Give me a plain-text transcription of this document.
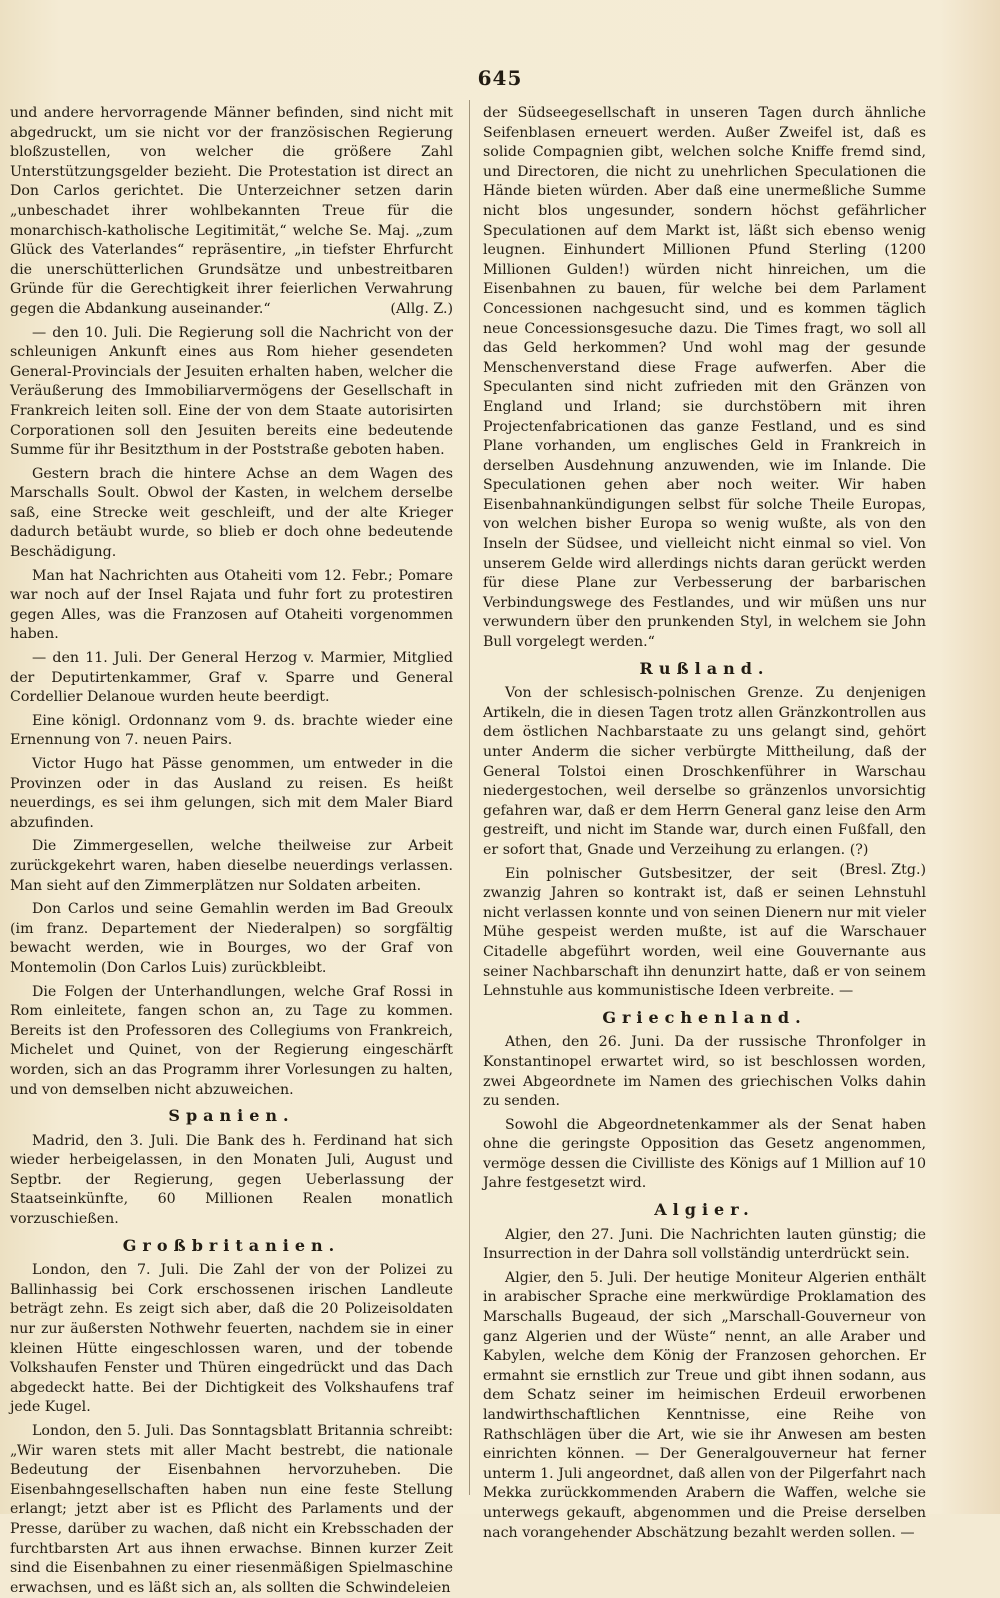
645

und andere hervorragende Männer befinden, sind nicht mit abgedruckt, um sie nicht vor der französischen Regierung bloßzustellen, von welcher die größere Zahl Unterstützungsgelder bezieht. Die Protestation ist direct an Don Carlos gerichtet. Die Unterzeichner setzen darin „unbeschadet ihrer wohlbekannten Treue für die monarchisch-katholische Legitimität,“ welche Se. Maj. „zum Glück des Vaterlandes“ repräsentire, „in tiefster Ehrfurcht die unerschütterlichen Grundsätze und unbestreitbaren Gründe für die Gerechtigkeit ihrer feierlichen Verwahrung gegen die Abdankung auseinander.“	(Allg. Z.)

— den 10. Juli. Die Regierung soll die Nachricht von der schleunigen Ankunft eines aus Rom hieher gesendeten General-Provincials der Jesuiten erhalten haben, welcher die Veräußerung des Immobiliarvermögens der Gesellschaft in Frankreich leiten soll. Eine der von dem Staate autorisirten Corporationen soll den Jesuiten bereits eine bedeutende Summe für ihr Besitzthum in der Poststraße geboten haben.

Gestern brach die hintere Achse an dem Wagen des Marschalls Soult. Obwol der Kasten, in welchem derselbe saß, eine Strecke weit geschleift, und der alte Krieger dadurch betäubt wurde, so blieb er doch ohne bedeutende Beschädigung.

Man hat Nachrichten aus Otaheiti vom 12. Febr.; Pomare war noch auf der Insel Rajata und fuhr fort zu protestiren gegen Alles, was die Franzosen auf Otaheiti vorgenommen haben.

— den 11. Juli. Der General Herzog v. Marmier, Mitglied der Deputirtenkammer, Graf v. Sparre und General Cordellier Delanoue wurden heute beerdigt.

Eine königl. Ordonnanz vom 9. ds. brachte wieder eine Ernennung von 7. neuen Pairs.

Victor Hugo hat Pässe genommen, um entweder in die Provinzen oder in das Ausland zu reisen. Es heißt neuerdings, es sei ihm gelungen, sich mit dem Maler Biard abzufinden.

Die Zimmergesellen, welche theilweise zur Arbeit zurückgekehrt waren, haben dieselbe neuerdings verlassen. Man sieht auf den Zimmerplätzen nur Soldaten arbeiten.

Don Carlos und seine Gemahlin werden im Bad Greoulx (im franz. Departement der Niederalpen) so sorgfältig bewacht werden, wie in Bourges, wo der Graf von Montemolin (Don Carlos Luis) zurückbleibt.

Die Folgen der Unterhandlungen, welche Graf Rossi in Rom einleitete, fangen schon an, zu Tage zu kommen. Bereits ist den Professoren des Collegiums von Frankreich, Michelet und Quinet, von der Regierung eingeschärft worden, sich an das Programm ihrer Vorlesungen zu halten, und von demselben nicht abzuweichen.

Spanien.

Madrid, den 3. Juli. Die Bank des h. Ferdinand hat sich wieder herbeigelassen, in den Monaten Juli, August und Septbr. der Regierung, gegen Ueberlassung der Staatseinkünfte, 60 Millionen Realen monatlich vorzuschießen.

Großbritanien.

London, den 7. Juli. Die Zahl der von der Polizei zu Ballinhassig bei Cork erschossenen irischen Landleute beträgt zehn. Es zeigt sich aber, daß die 20 Polizeisoldaten nur zur äußersten Nothwehr feuerten, nachdem sie in einer kleinen Hütte eingeschlossen waren, und der tobende Volkshaufen Fenster und Thüren eingedrückt und das Dach abgedeckt hatte. Bei der Dichtigkeit des Volkshaufens traf jede Kugel.

London, den 5. Juli. Das Sonntagsblatt Britannia schreibt: „Wir waren stets mit aller Macht bestrebt, die nationale Bedeutung der Eisenbahnen hervorzuheben. Die Eisenbahngesellschaften haben nun eine feste Stellung erlangt; jetzt aber ist es Pflicht des Parlaments und der Presse, darüber zu wachen, daß nicht ein Krebsschaden der furchtbarsten Art aus ihnen erwachse. Binnen kurzer Zeit sind die Eisenbahnen zu einer riesenmäßigen Spielmaschine erwachsen, und es läßt sich an, als sollten die Schwindeleien

der Südseegesellschaft in unseren Tagen durch ähnliche Seifenblasen erneuert werden. Außer Zweifel ist, daß es solide Compagnien gibt, welchen solche Kniffe fremd sind, und Directoren, die nicht zu unehrlichen Speculationen die Hände bieten würden. Aber daß eine unermeßliche Summe nicht blos ungesunder, sondern höchst gefährlicher Speculationen auf dem Markt ist, läßt sich ebenso wenig leugnen. Einhundert Millionen Pfund Sterling (1200 Millionen Gulden!) würden nicht hinreichen, um die Eisenbahnen zu bauen, für welche bei dem Parlament Concessionen nachgesucht sind, und es kommen täglich neue Concessionsgesuche dazu. Die Times fragt, wo soll all das Geld herkommen? Und wohl mag der gesunde Menschenverstand diese Frage aufwerfen. Aber die Speculanten sind nicht zufrieden mit den Gränzen von England und Irland; sie durchstöbern mit ihren Projectenfabricationen das ganze Festland, und es sind Plane vorhanden, um englisches Geld in Frankreich in derselben Ausdehnung anzuwenden, wie im Inlande. Die Speculationen gehen aber noch weiter. Wir haben Eisenbahnankündigungen selbst für solche Theile Europas, von welchen bisher Europa so wenig wußte, als von den Inseln der Südsee, und vielleicht nicht einmal so viel. Von unserem Gelde wird allerdings nichts daran gerückt werden für diese Plane zur Verbesserung der barbarischen Verbindungswege des Festlandes, und wir müßen uns nur verwundern über den prunkenden Styl, in welchem sie John Bull vorgelegt werden.“

Rußland.

Von der schlesisch-polnischen Grenze. Zu denjenigen Artikeln, die in diesen Tagen trotz allen Gränzkontrollen aus dem östlichen Nachbarstaate zu uns gelangt sind, gehört unter Anderm die sicher verbürgte Mittheilung, daß der General Tolstoi einen Droschkenführer in Warschau niedergestochen, weil derselbe so gränzenlos unvorsichtig gefahren war, daß er dem Herrn General ganz leise den Arm gestreift, und nicht im Stande war, durch einen Fußfall, den er sofort that, Gnade und Verzeihung zu erlangen. (?)
(Bresl. Ztg.)

Ein polnischer Gutsbesitzer, der seit zwanzig Jahren so kontrakt ist, daß er seinen Lehnstuhl nicht verlassen konnte und von seinen Dienern nur mit vieler Mühe gespeist werden mußte, ist auf die Warschauer Citadelle abgeführt worden, weil eine Gouvernante aus seiner Nachbarschaft ihn denunzirt hatte, daß er von seinem Lehnstuhle aus kommunistische Ideen verbreite. —

Griechenland.

Athen, den 26. Juni. Da der russische Thronfolger in Konstantinopel erwartet wird, so ist beschlossen worden, zwei Abgeordnete im Namen des griechischen Volks dahin zu senden.

Sowohl die Abgeordnetenkammer als der Senat haben ohne die geringste Opposition das Gesetz angenommen, vermöge dessen die Civilliste des Königs auf 1 Million auf 10 Jahre festgesetzt wird.

Algier.

Algier, den 27. Juni. Die Nachrichten lauten günstig; die Insurrection in der Dahra soll vollständig unterdrückt sein.

Algier, den 5. Juli. Der heutige Moniteur Algerien enthält in arabischer Sprache eine merkwürdige Proklamation des Marschalls Bugeaud, der sich „Marschall-Gouverneur von ganz Algerien und der Wüste“ nennt, an alle Araber und Kabylen, welche dem König der Franzosen gehorchen. Er ermahnt sie ernstlich zur Treue und gibt ihnen sodann, aus dem Schatz seiner im heimischen Erdeuil erworbenen landwirthschaftlichen Kenntnisse, eine Reihe von Rathschlägen über die Art, wie sie ihr Anwesen am besten einrichten können. — Der Generalgouverneur hat ferner unterm 1. Juli angeordnet, daß allen von der Pilgerfahrt nach Mekka zurückkommenden Arabern die Waffen, welche sie unterwegs gekauft, abgenommen und die Preise derselben nach vorangehender Abschätzung bezahlt werden sollen. —
